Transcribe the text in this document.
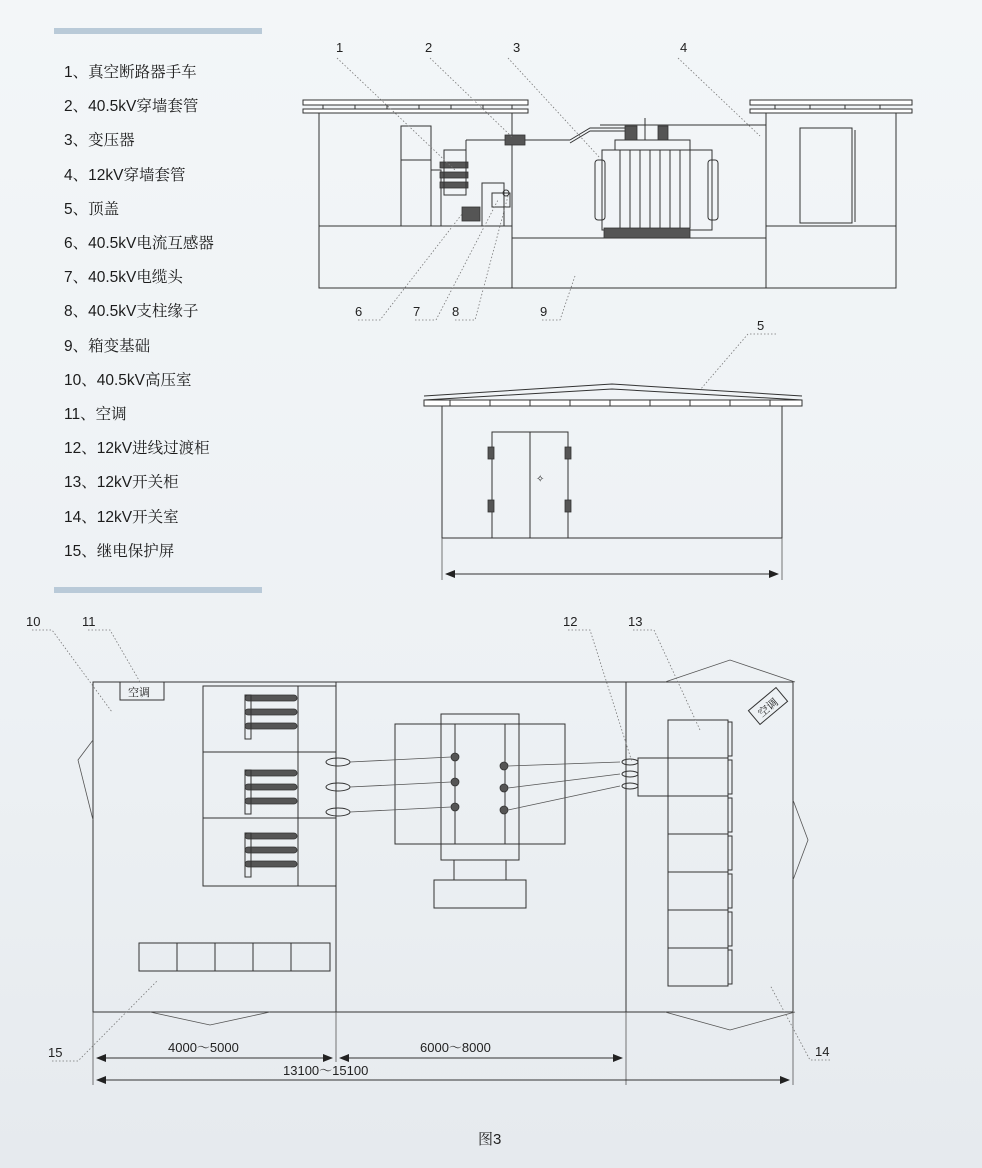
1、真空断路器手车
2、40.5kV穿墙套管
3、变压器
4、12kV穿墙套管
5、顶盖
6、40.5kV电流互感器
7、40.5kV电缆头
8、40.5kV支柱缘子
9、箱变基础
10、40.5kV高压室
11、空调
12、12kV进线过渡柜
13、12kV开关柜
14、12kV开关室
15、继电保护屏
1	2	3	4
6	7 8	9
✧
5
空调
空调
4000～5000	6000～8000
13100～15100
10	11	12	13
14
15
图3
